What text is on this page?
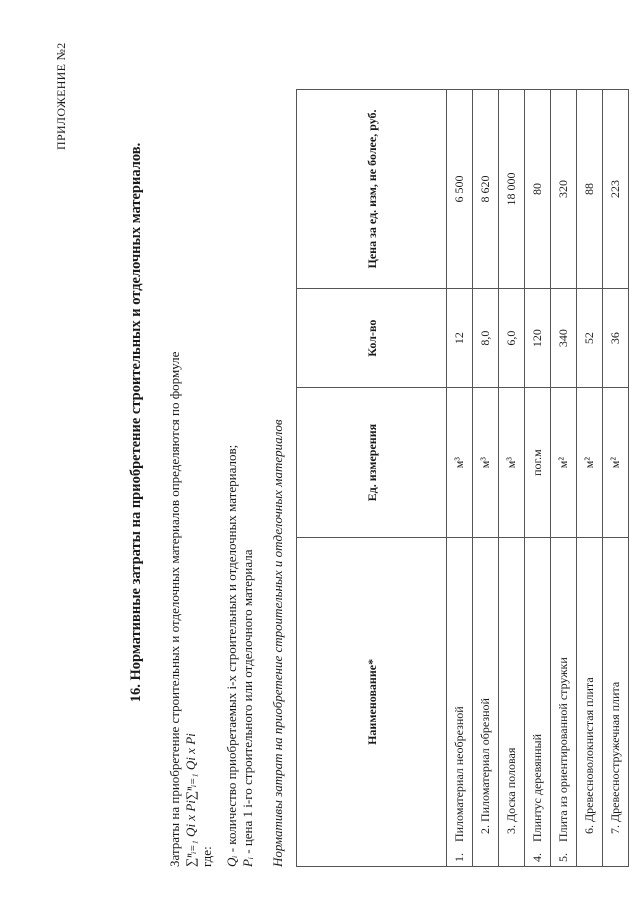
ПРИЛОЖЕНИЕ №2
16. Нормативные затраты на приобретение строительных и отделочных материалов. Затраты на приобретение строительных и отделочных материалов определяются по формуле ∑ⁿᵢ₌₁ Qi x Pi∑ⁿᵢ₌₁ Qi x Pi где: Qᵢ - количество приобретаемых i-х строительных и отделочных материалов;
Pᵢ - цена 1 i-го строительного или отделочного материала Нормативы затрат на приобретение строительных и отделочных материалов	Наименование*		Ед. измерения	Кол-во	Цена за ед. изм, не более, руб.
1.	Пиломатериал необрезной	м³	12	6 500
	2. Пиломатериал обрезной	м³	8,0	8 620
	3. Доска половая	м³	6,0	18 000
4.	Плинтус деревянный	пог.м	120	80
5.	Плита из ориентированной стружки	м²	340	320
	6. Древесноволокнистая плита	м²	52	88
	7. Древесностружечная плита	м²	36	223
